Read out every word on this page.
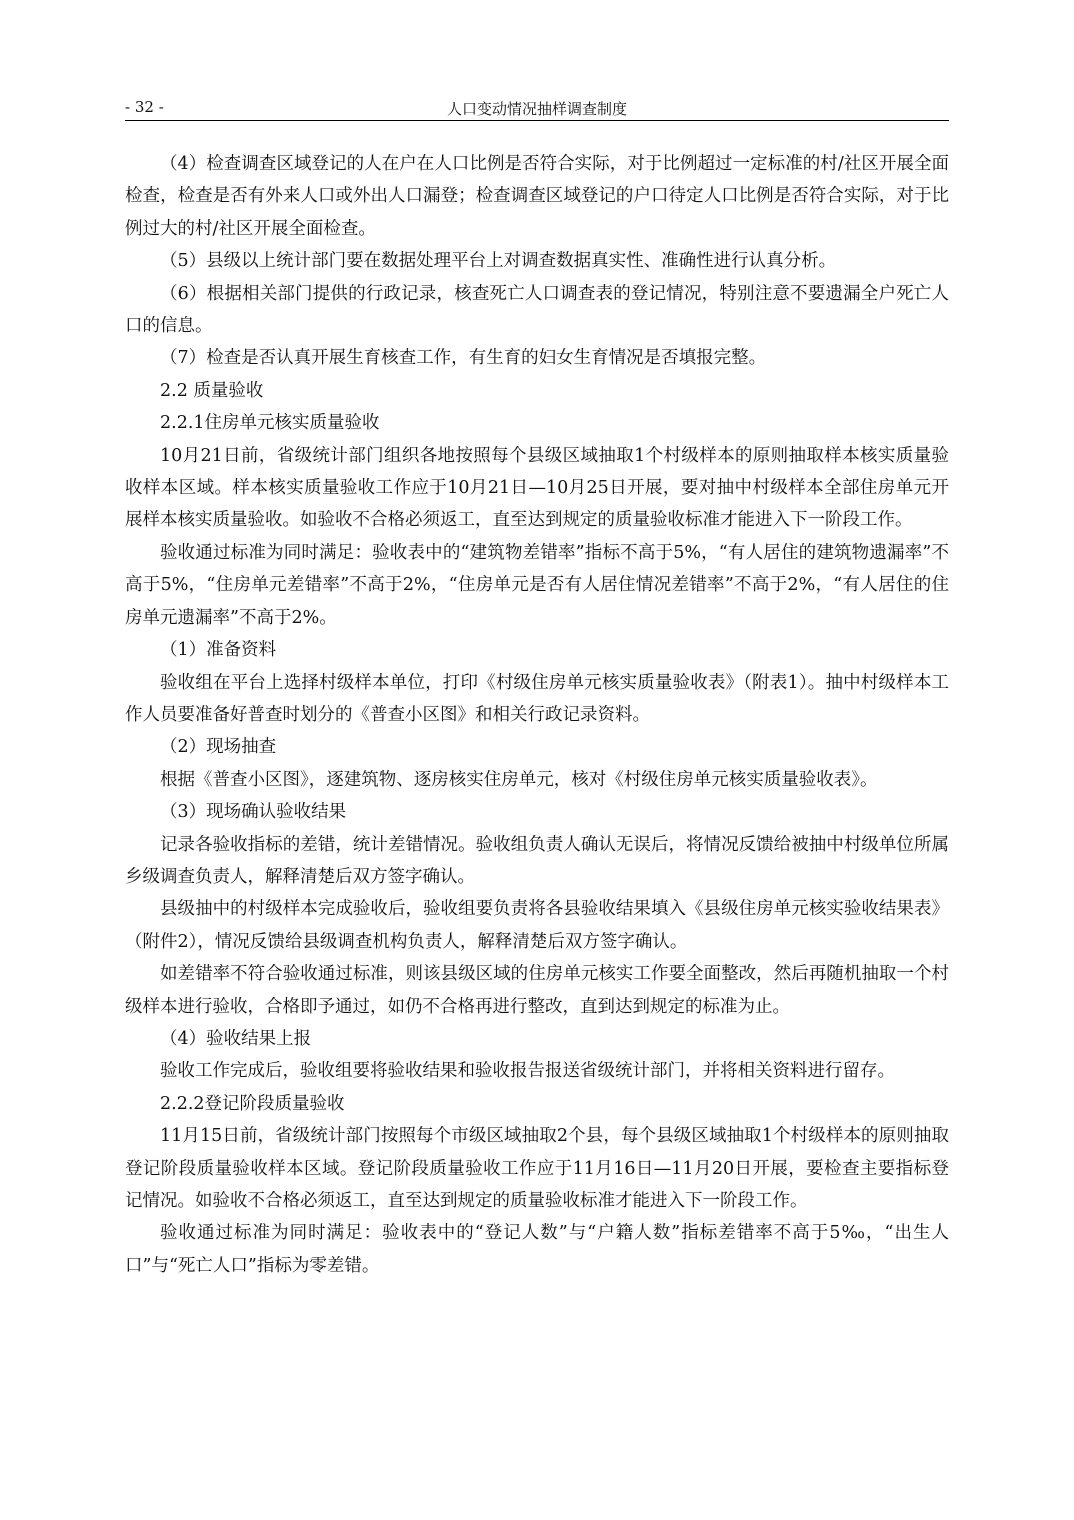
- 32 -	人口变动情况抽样调查制度

（4）检查调查区域登记的人在户在人口比例是否符合实际，对于比例超过一定标准的村/社区开展全面检查，检查是否有外来人口或外出人口漏登；检查调查区域登记的户口待定人口比例是否符合实际，对于比例过大的村/社区开展全面检查。

（5）县级以上统计部门要在数据处理平台上对调查数据真实性、准确性进行认真分析。

（6）根据相关部门提供的行政记录，核查死亡人口调查表的登记情况，特别注意不要遗漏全户死亡人口的信息。

（7）检查是否认真开展生育核查工作，有生育的妇女生育情况是否填报完整。

2.2 质量验收

2.2.1住房单元核实质量验收

10月21日前，省级统计部门组织各地按照每个县级区域抽取1个村级样本的原则抽取样本核实质量验收样本区域。样本核实质量验收工作应于10月21日—10月25日开展，要对抽中村级样本全部住房单元开展样本核实质量验收。如验收不合格必须返工，直至达到规定的质量验收标准才能进入下一阶段工作。

验收通过标准为同时满足：验收表中的“建筑物差错率”指标不高于5%，“有人居住的建筑物遗漏率”不高于5%，“住房单元差错率”不高于2%，“住房单元是否有人居住情况差错率”不高于2%，“有人居住的住房单元遗漏率”不高于2%。

（1）准备资料

验收组在平台上选择村级样本单位，打印《村级住房单元核实质量验收表》（附表1）。抽中村级样本工作人员要准备好普查时划分的《普查小区图》和相关行政记录资料。

（2）现场抽查

根据《普查小区图》，逐建筑物、逐房核实住房单元，核对《村级住房单元核实质量验收表》。

（3）现场确认验收结果

记录各验收指标的差错，统计差错情况。验收组负责人确认无误后，将情况反馈给被抽中村级单位所属乡级调查负责人，解释清楚后双方签字确认。

县级抽中的村级样本完成验收后，验收组要负责将各县验收结果填入《县级住房单元核实验收结果表》（附件2），情况反馈给县级调查机构负责人，解释清楚后双方签字确认。

如差错率不符合验收通过标准，则该县级区域的住房单元核实工作要全面整改，然后再随机抽取一个村级样本进行验收，合格即予通过，如仍不合格再进行整改，直到达到规定的标准为止。

（4）验收结果上报

验收工作完成后，验收组要将验收结果和验收报告报送省级统计部门，并将相关资料进行留存。

2.2.2登记阶段质量验收

11月15日前，省级统计部门按照每个市级区域抽取2个县，每个县级区域抽取1个村级样本的原则抽取登记阶段质量验收样本区域。登记阶段质量验收工作应于11月16日—11月20日开展，要检查主要指标登记情况。如验收不合格必须返工，直至达到规定的质量验收标准才能进入下一阶段工作。

验收通过标准为同时满足：验收表中的“登记人数”与“户籍人数”指标差错率不高于5‰，“出生人口”与“死亡人口”指标为零差错。
